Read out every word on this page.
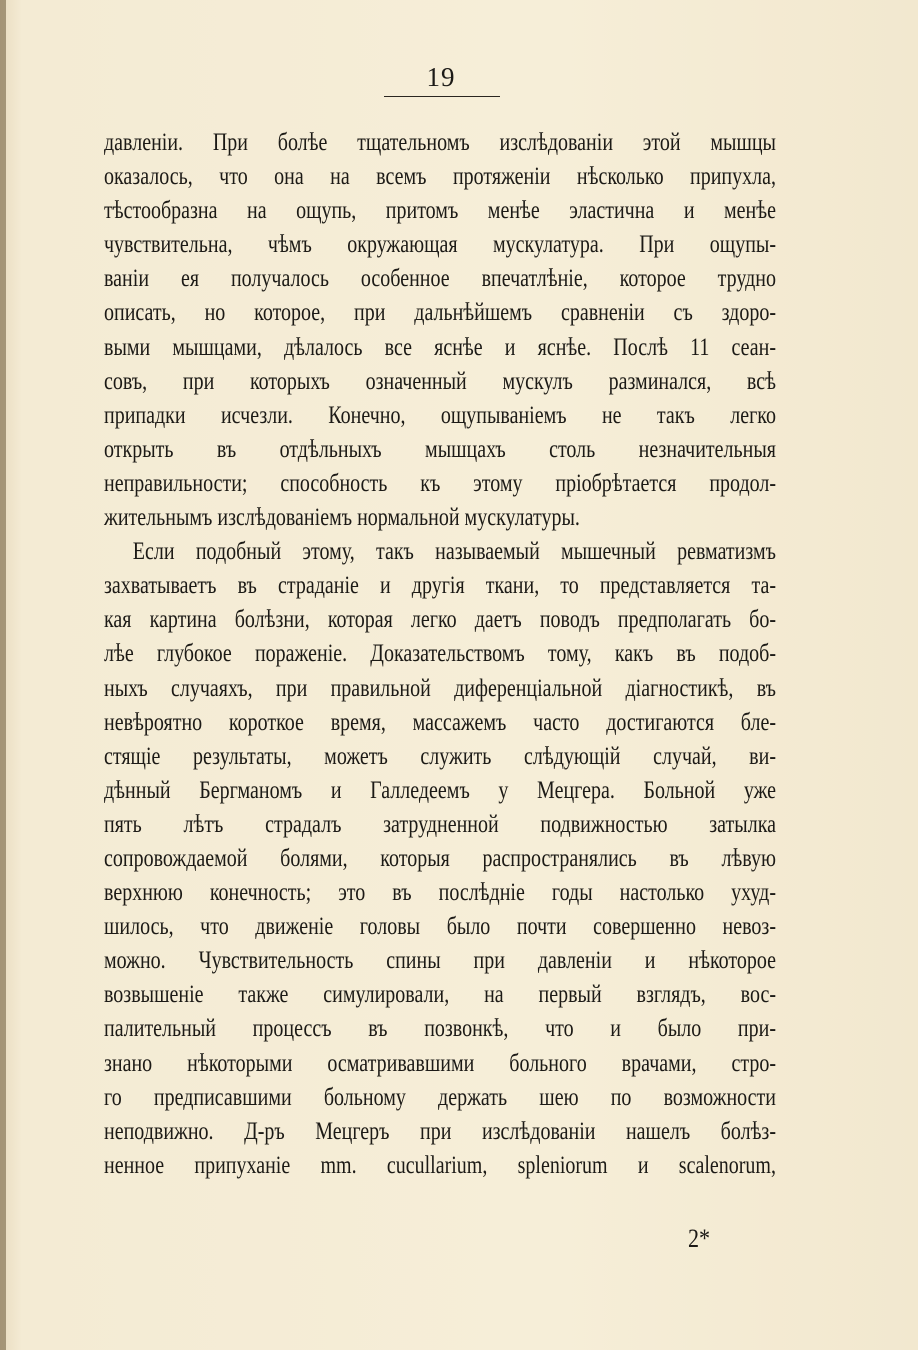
19
давленіи. При болѣе тщательномъ изслѣдованіи этой мышцы
оказалось, что она на всемъ протяженіи нѣсколько припухла,
тѣстообразна на ощупь, притомъ менѣе эластична и менѣе
чувствительна, чѣмъ окружающая мускулатура. При ощупы-
ваніи ея получалось особенное впечатлѣніе, которое трудно
описать, но которое, при дальнѣйшемъ сравненіи съ здоро-
выми мышцами, дѣлалось все яснѣе и яснѣе. Послѣ 11 сеан-
совъ, при которыхъ означенный мускулъ разминался, всѣ
припадки исчезли. Конечно, ощупываніемъ не такъ легко
открыть въ отдѣльныхъ мышцахъ столь незначительныя
неправильности; способность къ этому пріобрѣтается продол-
жительнымъ изслѣдованіемъ нормальной мускулатуры.
Если подобный этому, такъ называемый мышечный ревматизмъ
захватываетъ въ страданіе и другія ткани, то представляется та-
кая картина болѣзни, которая легко даетъ поводъ предполагать бо-
лѣе глубокое пораженіе. Доказательствомъ тому, какъ въ подоб-
ныхъ случаяхъ, при правильной диференціальной діагностикѣ, въ
невѣроятно короткое время, массажемъ часто достигаются бле-
стящіе результаты, можетъ служить слѣдующій случай, ви-
дѣнный Бергманомъ и Галледеемъ у Мецгера. Больной уже
пять лѣтъ страдалъ затрудненной подвижностью затылка
сопровождаемой болями, которыя распространялись въ лѣвую
верхнюю конечность; это въ послѣдніе годы настолько ухуд-
шилось, что движеніе головы было почти совершенно невоз-
можно. Чувствительность спины при давленіи и нѣкоторое
возвышеніе также симулировали, на первый взглядъ, вос-
палительный процессъ въ позвонкѣ, что и было при-
знано нѣкоторыми осматривавшими больного врачами, стро-
го предписавшими больному держать шею по возможности
неподвижно. Д-ръ Мецгеръ при изслѣдованіи нашелъ болѣз-
ненное припуханіе mm. cucullarium, spleniorum и scalenorum,
2*
